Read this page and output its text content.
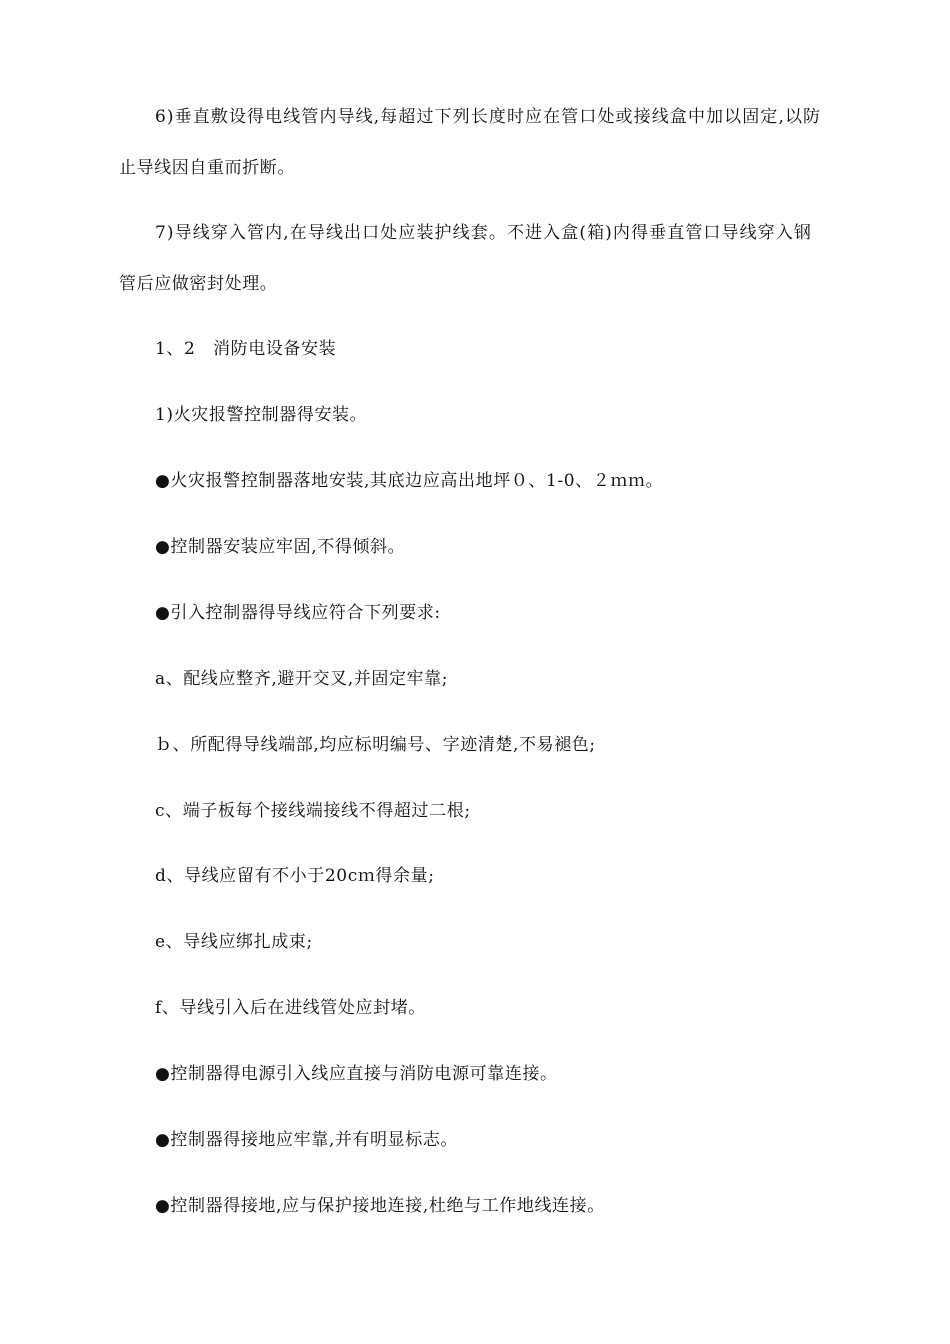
6)垂直敷设得电线管内导线,每超过下列长度时应在管口处或接线盒中加以固定,以防
止导线因自重而折断。
7)导线穿入管内,在导线出口处应装护线套。不进入盒(箱)内得垂直管口导线穿入钢
管后应做密封处理。
1、2　消防电设备安装
1)火灾报警控制器得安装。
●火灾报警控制器落地安装,其底边应高出地坪０、1-0、２ｍｍ。
●控制器安装应牢固,不得倾斜。
●引入控制器得导线应符合下列要求:
a、配线应整齐,避开交叉,并固定牢靠;
ｂ、所配得导线端部,均应标明编号、字迹清楚,不易褪色;
c、端子板每个接线端接线不得超过二根;
d、导线应留有不小于20cｍ得余量;
e、导线应绑扎成束;
f、导线引入后在进线管处应封堵。
●控制器得电源引入线应直接与消防电源可靠连接。
●控制器得接地应牢靠,并有明显标志。
●控制器得接地,应与保护接地连接,杜绝与工作地线连接。
